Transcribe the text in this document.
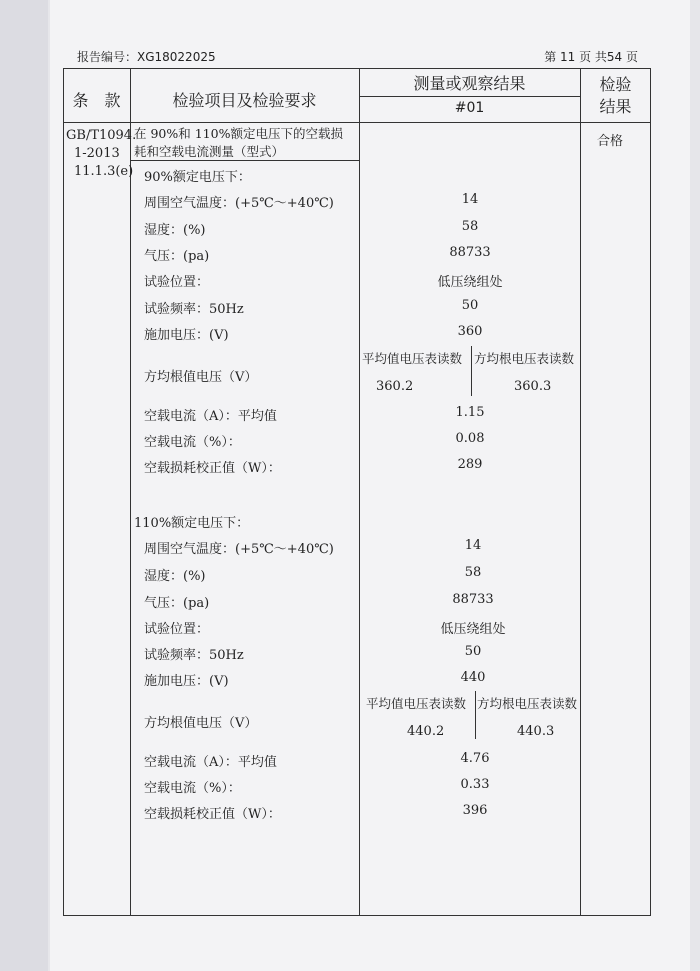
报告编号：XG18022025	第 11 页 共54 页
条　款	检验项目及检验要求
测量或观察结果
#01
检验
结果
GB/T1094.
1-2013
11.1.3(e)
在 90%和 110%额定电压下的空载损
耗和空载电流测量（型式）
合格
90%额定电压下：
周围空气温度：(+5℃～+40℃)	14
湿度：(%)	58
气压：(pa)	88733
试验位置：	低压绕组处
试验频率：50Hz	50
施加电压：(V)	360
方均根值电压（V）
平均值电压表读数 方均根电压表读数
360.2	360.3
空载电流（A）：平均值	1.15
空载电流（%）：	0.08
空载损耗校正值（W）：	289
110%额定电压下：
周围空气温度：(+5℃～+40℃)	14
湿度：(%)	58
气压：(pa)	88733
试验位置：	低压绕组处
试验频率：50Hz	50
施加电压：(V)	440
方均根值电压（V）
平均值电压表读数 方均根电压表读数
440.2	440.3
空载电流（A）：平均值	4.76
空载电流（%）：	0.33
空载损耗校正值（W）：	396
